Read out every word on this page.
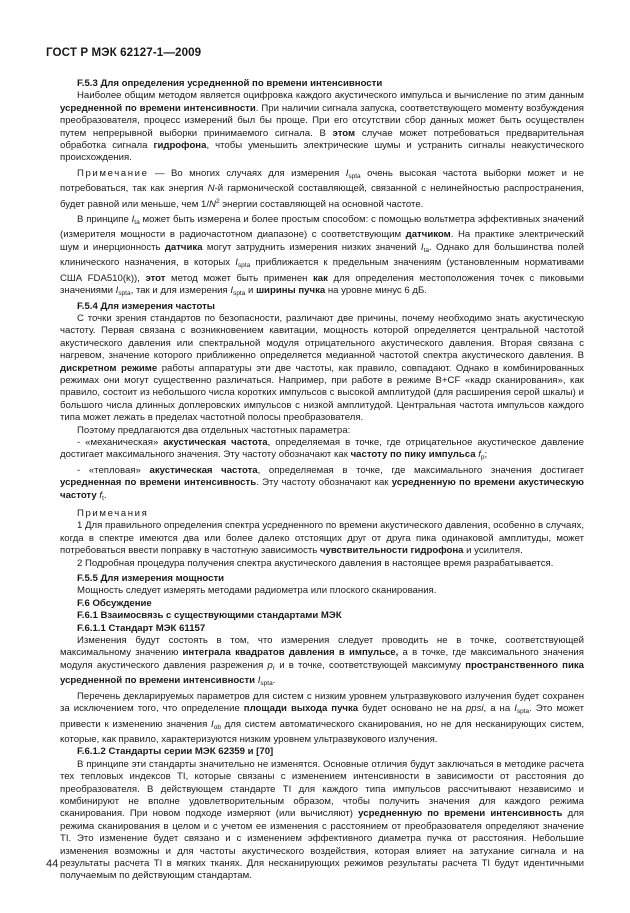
ГОСТ Р МЭК 62127-1—2009

F.5.3 Для определения усредненной по времени интенсивности

Наиболее общим методом является оцифровка каждого акустического импульса и вычисление по этим данным усредненной по времени интенсивности. При наличии сигнала запуска, соответствующего моменту возбуждения преобразователя, процесс измерений был бы проще. При его отсутствии сбор данных может быть осуществлен путем непрерывной выборки принимаемого сигнала. В этом случае может потребоваться предварительная обработка сигнала гидрофона, чтобы уменьшить электрические шумы и устранить сигналы неакустического происхождения.

Примечание — Во многих случаях для измерения $I_{spta}$ очень высокая частота выборки может и не потребоваться, так как энергия N-й гармонической составляющей, связанной с нелинейностью распространения, будет равной или меньше, чем $1/N^2$ энергии составляющей на основной частоте.

В принципе $I_{ta}$ может быть измерена и более простым способом: с помощью вольтметра эффективных значений (измерителя мощности в радиочастотном диапазоне) с соответствующим датчиком. На практике электрический шум и инерционность датчика могут затруднить измерения низких значений $I_{ta}$. Однако для большинства полей клинического назначения, в которых $I_{spta}$ приближается к предельным значениям (установленным нормативами США FDA510(k)), этот метод может быть применен как для определения местоположения точек с пиковыми значениями $I_{spta}$, так и для измерения $I_{spta}$ и ширины пучка на уровне минус 6 дБ.

F.5.4 Для измерения частоты

С точки зрения стандартов по безопасности, различают две причины, почему необходимо знать акустическую частоту. Первая связана с возникновением кавитации, мощность которой определяется центральной частотой акустического давления или спектральной модуля отрицательного акустического давления. Вторая связана с нагревом, значение которого приближенно определяется медианной частотой спектра акустического давления. В дискретном режиме работы аппаратуры эти две частоты, как правило, совпадают. Однако в комбинированных режимах они могут существенно различаться. Например, при работе в режиме B+CF «кадр сканирования», как правило, состоит из небольшого числа коротких импульсов с высокой амплитудой (для расширения серой шкалы) и большого числа длинных доплеровских импульсов с низкой амплитудой. Центральная частота импульсов каждого типа может лежать в пределах частотной полосы преобразователя.

Поэтому предлагаются два отдельных частотных параметра:

- «механическая» акустическая частота, определяемая в точке, где отрицательное акустическое давление достигает максимального значения. Эту частоту обозначают как частоту по пику импульса $f_p$;

- «тепловая» акустическая частота, определяемая в точке, где максимального значения достигает усредненная по времени интенсивность. Эту частоту обозначают как усредненную по времени акустическую частоту $f_t$.

Примечания

1 Для правильного определения спектра усредненного по времени акустического давления, особенно в случаях, когда в спектре имеются два или более далеко отстоящих друг от друга пика одинаковой амплитуды, может потребоваться ввести поправку в частотную зависимость чувствительности гидрофона и усилителя.

2 Подробная процедура получения спектра акустического давления в настоящее время разрабатывается.

F.5.5 Для измерения мощности

Мощность следует измерять методами радиометра или плоского сканирования.

F.6 Обсуждение

F.6.1 Взаимосвязь с существующими стандартами МЭК

F.6.1.1 Стандарт МЭК 61157

Изменения будут состоять в том, что измерения следует проводить не в точке, соответствующей максимальному значению интеграла квадратов давления в импульсе, а в точке, где максимального значения модуля акустического давления разрежения $p_r$ и в точке, соответствующей максимуму пространственного пика усредненной по времени интенсивности $I_{spta}$.

Перечень декларируемых параметров для систем с низким уровнем ультразвукового излучения будет сохранен за исключением того, что определение площади выхода пучка будет основано не на ppsi, а на $I_{spta}$. Это может привести к изменению значения $I_{ob}$ для систем автоматического сканирования, но не для неcканирующих систем, которые, как правило, характеризуются низким уровнем ультразвукового излучения.

F.6.1.2 Стандарты серии МЭК 62359 и [70]

В принципе эти стандарты значительно не изменятся. Основные отличия будут заключаться в методике расчета тех тепловых индексов TI, которые связаны с изменением интенсивности в зависимости от расстояния до преобразователя. В действующем стандарте TI для каждого типа импульсов рассчитывают независимо и комбинируют не вполне удовлетворительным образом, чтобы получить значения для каждого режима сканирования. При новом подходе измеряют (или вычисляют) усредненную по времени интенсивность для режима сканирования в целом и с учетом ее изменения с расстоянием от преобразователя определяют значение TI. Это изменение будет связано и с изменением эффективного диаметра пучка от расстояния. Небольшие изменения возможны и для частоты акустического воздействия, которая влияет на затухание сигнала и на результаты расчета TI в мягких тканях. Для несканирующих режимов результаты расчета TI будут идентичными получаемым по действующим стандартам.

44
